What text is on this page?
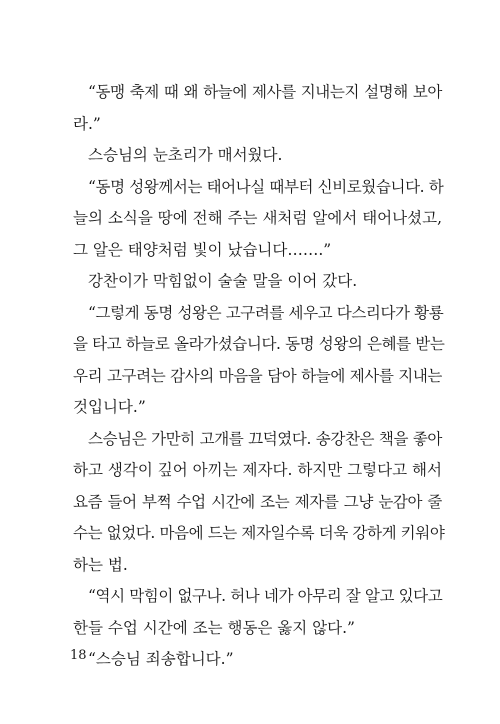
“동맹 축제 때 왜 하늘에 제사를 지내는지 설명해 보아
라.”
스승님의 눈초리가 매서웠다.
“동명 성왕께서는 태어나실 때부터 신비로웠습니다. 하
늘의 소식을 땅에 전해 주는 새처럼 알에서 태어나셨고,
그 알은 태양처럼 빛이 났습니다…….”
강찬이가 막힘없이 술술 말을 이어 갔다.
“그렇게 동명 성왕은 고구려를 세우고 다스리다가 황룡
을 타고 하늘로 올라가셨습니다. 동명 성왕의 은혜를 받는
우리 고구려는 감사의 마음을 담아 하늘에 제사를 지내는
것입니다.”
스승님은 가만히 고개를 끄덕였다. 송강찬은 책을 좋아
하고 생각이 깊어 아끼는 제자다. 하지만 그렇다고 해서
요즘 들어 부쩍 수업 시간에 조는 제자를 그냥 눈감아 줄
수는 없었다. 마음에 드는 제자일수록 더욱 강하게 키워야
하는 법.
“역시 막힘이 없구나. 허나 네가 아무리 잘 알고 있다고
한들 수업 시간에 조는 행동은 옳지 않다.”
“스승님 죄송합니다.”
18
